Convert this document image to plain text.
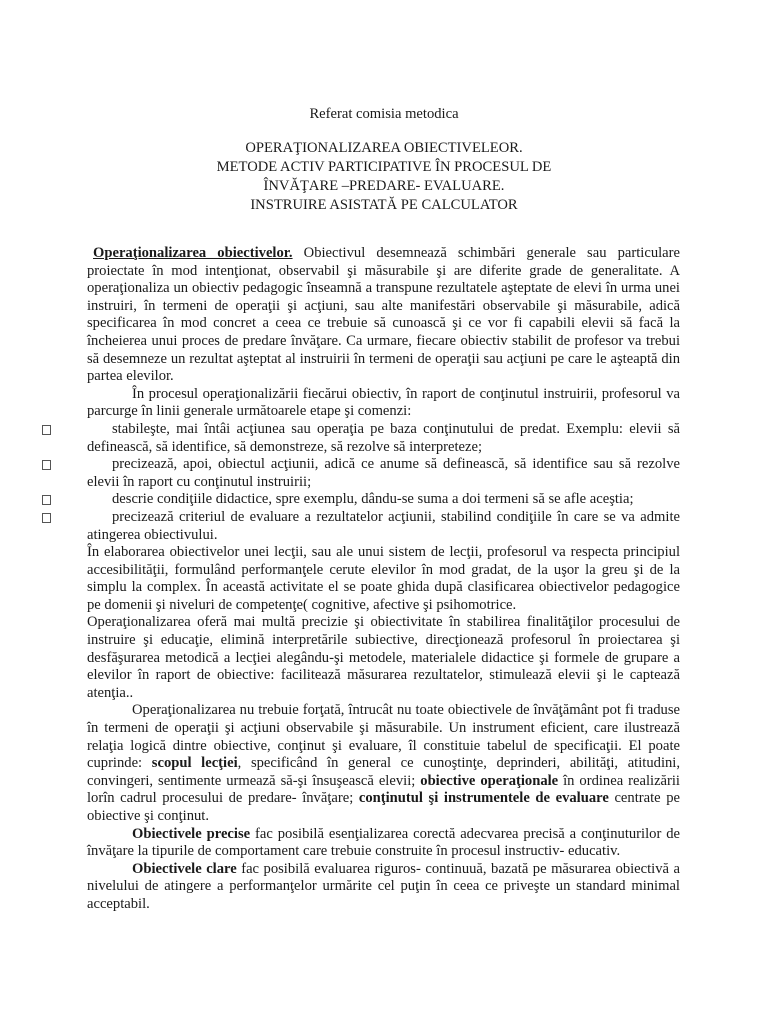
Referat comisia metodica
OPERAŢIONALIZAREA OBIECTIVELEOR.
METODE ACTIV PARTICIPATIVE ÎN PROCESUL DE
ÎNVĂŢARE –PREDARE- EVALUARE.
INSTRUIRE ASISTATĂ PE CALCULATOR

Operaţionalizarea obiectivelor. Obiectivul desemnează schimbări generale sau particulare proiectate în mod intenţionat, observabil şi măsurabile şi are diferite grade de generalitate. A operaţionaliza un obiectiv pedagogic înseamnă a transpune rezultatele aşteptate de elevi în urma unei instruiri, în termeni de operaţii şi acţiuni, sau alte manifestări observabile şi măsurabile, adică specificarea în mod concret a ceea ce trebuie să cunoască şi ce vor fi capabili elevii să facă la încheierea unui proces de predare învăţare. Ca urmare, fiecare obiectiv stabilit de profesor va trebui să desemneze un rezultat aşteptat al instruirii în termeni de operaţii sau acţiuni pe care le aşteaptă din partea elevilor.

În procesul operaţionalizării fiecărui obiectiv, în raport de conţinutul instruirii, profesorul va parcurge în linii generale următoarele etape şi comenzi:

stabileşte, mai întâi acţiunea sau operaţia pe baza conţinutului de predat. Exemplu: elevii să definească, să identifice, să demonstreze, să rezolve să interpreteze;

precizează, apoi, obiectul acţiunii, adică ce anume să definească, să identifice sau să rezolve elevii în raport cu conţinutul instruirii;

descrie condiţiile didactice, spre exemplu, dându-se suma a doi termeni să se afle aceştia;

precizează criteriul de evaluare a rezultatelor acţiunii, stabilind condiţiile în care se va admite atingerea obiectivului.

În elaborarea obiectivelor unei lecţii, sau ale unui sistem de lecţii, profesorul va respecta principiul accesibilităţii, formulând performanţele cerute elevilor în mod gradat, de la uşor la greu şi de la simplu la complex. În această activitate el se poate ghida după clasificarea obiectivelor pedagogice pe domenii şi niveluri de competenţe( cognitive, afective şi psihomotrice.

Operaţionalizarea oferă mai multă precizie şi obiectivitate în stabilirea finalităţilor procesului de instruire şi educaţie, elimină interpretările subiective, direcţionează profesorul în proiectarea şi desfăşurarea metodică a lecţiei alegându-şi metodele, materialele didactice şi formele de grupare a elevilor în raport de obiective: facilitează măsurarea rezultatelor, stimulează elevii şi le captează atenţia..

Operaţionalizarea nu trebuie forţată, întrucât nu toate obiectivele de învăţământ pot fi traduse în termeni de operaţii şi acţiuni observabile şi măsurabile. Un instrument eficient, care ilustrează relaţia logică dintre obiective, conţinut şi evaluare, îl constituie tabelul de specificaţii. El poate cuprinde: scopul lecţiei, specificând în general ce cunoştinţe, deprinderi, abilităţi, atitudini, convingeri, sentimente urmează să-şi însuşească elevii; obiective operaţionale în ordinea realizării lorîn cadrul procesului de predare- învăţare; conţinutul şi instrumentele de evaluare centrate pe obiective şi conţinut.

Obiectivele precise fac posibilă esenţializarea corectă adecvarea precisă a conţinuturilor de învăţare la tipurile de comportament care trebuie construite în procesul instructiv- educativ.

Obiectivele clare fac posibilă evaluarea riguros- continuuă, bazată pe măsurarea obiectivă a nivelului de atingere a performanţelor urmărite cel puţin în ceea ce priveşte un standard minimal acceptabil.
